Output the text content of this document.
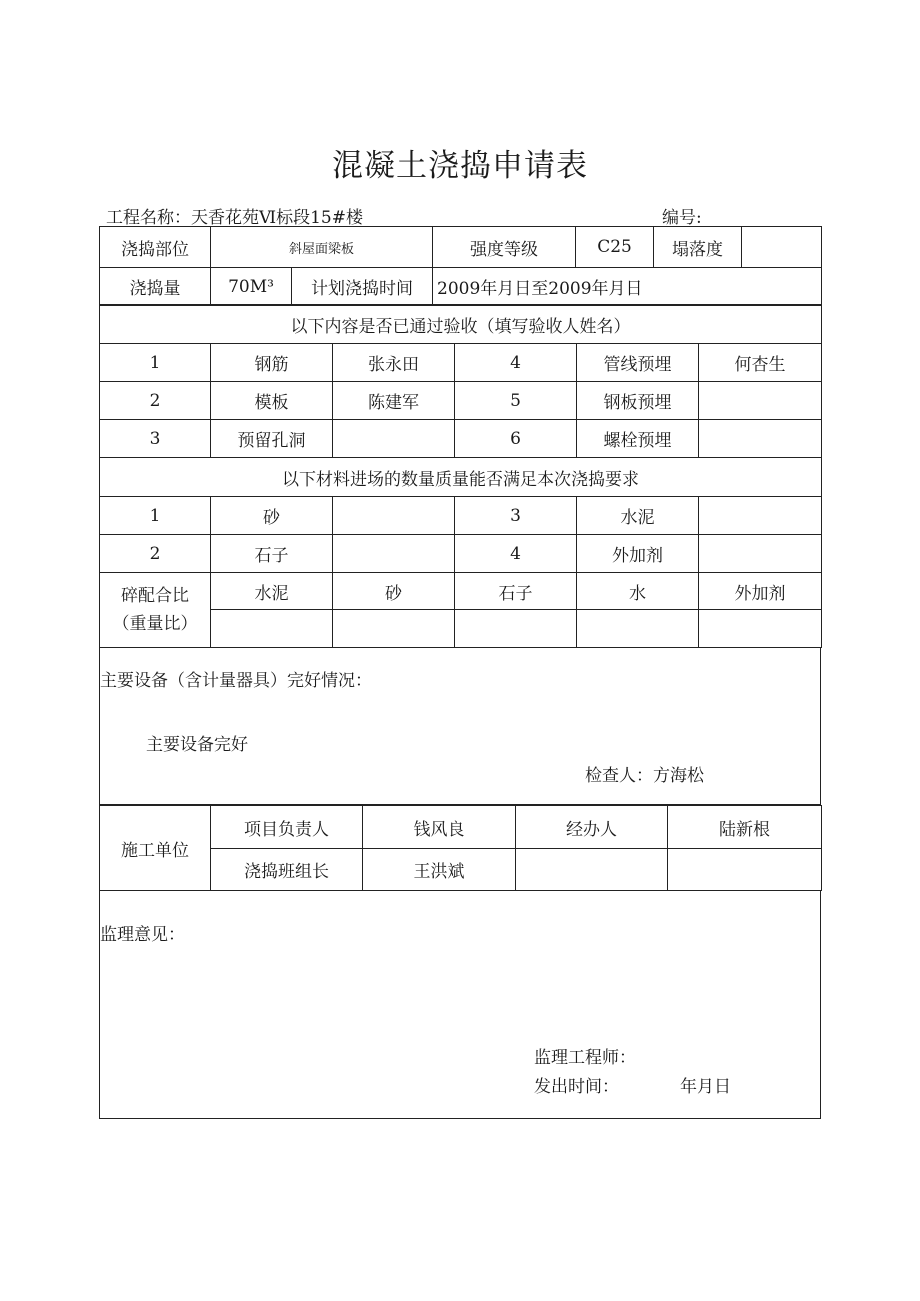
混凝土浇捣申请表
工程名称：天香花苑Ⅵ标段15#楼	编号:
浇捣部位	斜屋面梁板		强度等级	C25	塌落度	
浇捣量	70M³	计划浇捣时间	2009年月日至2009年月日			
以下内容是否已通过验收（填写验收人姓名）					
1	钢筋	张永田	4	管线预埋	何杏生
2	模板	陈建军	5	钢板预埋	
3	预留孔洞		6	螺栓预埋	
以下材料进场的数量质量能否满足本次浇捣要求					
1	砂		3	水泥	
2	石子		4	外加剂	

碎配合比
（重量比）	水泥	砂	石子	水	外加剂

主要设备（含计量器具）完好情况：
主要设备完好
检查人：方海松
施工单位	项目负责人	钱风良	经办人	陆新根
	浇捣班组长	王洪斌		
监理意见：
监理工程师：
发出时间：	年月日
